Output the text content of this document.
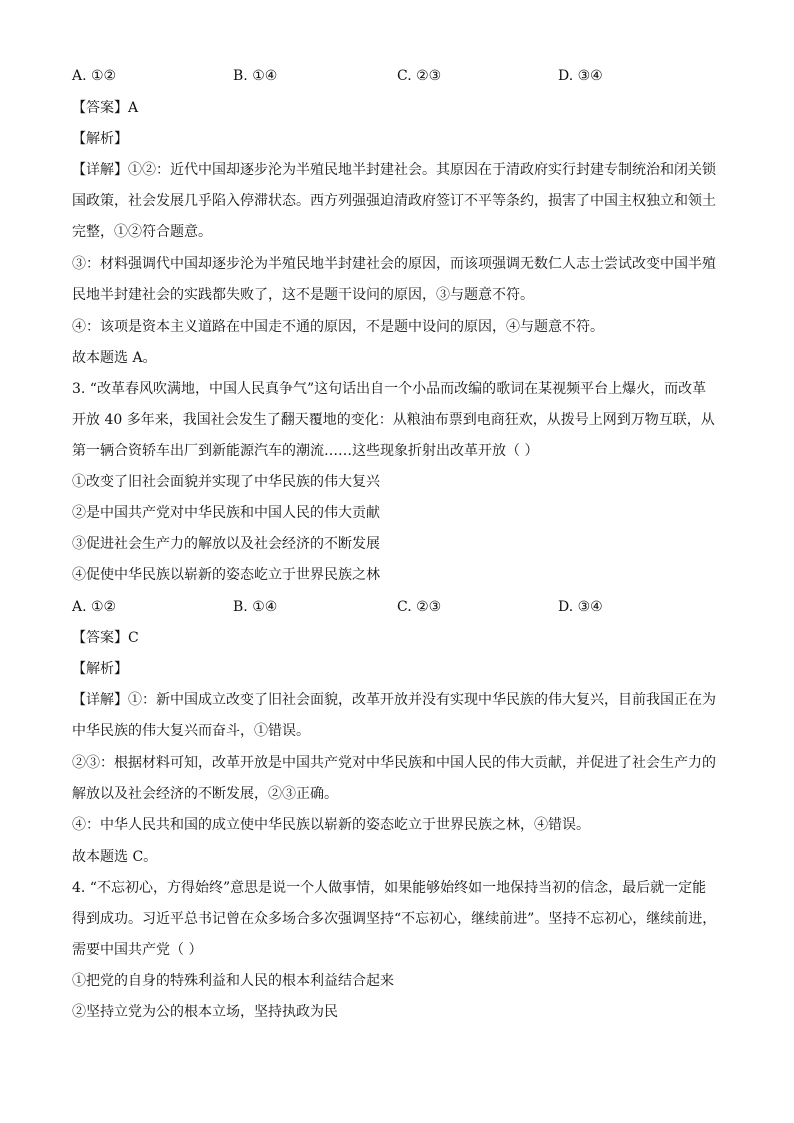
A. ①②	B. ①④	C. ②③	D. ③④
【答案】A
【解析】
【详解】①②：近代中国却逐步沦为半殖民地半封建社会。其原因在于清政府实行封建专制统治和闭关锁
国政策，社会发展几乎陷入停滞状态。西方列强强迫清政府签订不平等条约，损害了中国主权独立和领土
完整，①②符合题意。
③：材料强调代中国却逐步沦为半殖民地半封建社会的原因，而该项强调无数仁人志士尝试改变中国半殖
民地半封建社会的实践都失败了，这不是题干设问的原因，③与题意不符。
④：该项是资本主义道路在中国走不通的原因，不是题中设问的原因，④与题意不符。
故本题选 A。
3. “改革春风吹满地，中国人民真争气”这句话出自一个小品而改编的歌词在某视频平台上爆火，而改革
开放 40 多年来，我国社会发生了翻天覆地的变化：从粮油布票到电商狂欢，从拨号上网到万物互联，从
第一辆合资轿车出厂到新能源汽车的潮流……这些现象折射出改革开放（ ）
①改变了旧社会面貌并实现了中华民族的伟大复兴
②是中国共产党对中华民族和中国人民的伟大贡献
③促进社会生产力的解放以及社会经济的不断发展
④促使中华民族以崭新的姿态屹立于世界民族之林
A. ①②	B. ①④	C. ②③	D. ③④
【答案】C
【解析】
【详解】①：新中国成立改变了旧社会面貌，改革开放并没有实现中华民族的伟大复兴，目前我国正在为
中华民族的伟大复兴而奋斗，①错误。
②③：根据材料可知，改革开放是中国共产党对中华民族和中国人民的伟大贡献，并促进了社会生产力的
解放以及社会经济的不断发展，②③正确。
④：中华人民共和国的成立使中华民族以崭新的姿态屹立于世界民族之林，④错误。
故本题选 C。
4. “不忘初心，方得始终”意思是说一个人做事情，如果能够始终如一地保持当初的信念，最后就一定能
得到成功。习近平总书记曾在众多场合多次强调坚持“不忘初心，继续前进”。坚持不忘初心，继续前进，
需要中国共产党（ ）
①把党的自身的特殊利益和人民的根本利益结合起来
②坚持立党为公的根本立场，坚持执政为民
